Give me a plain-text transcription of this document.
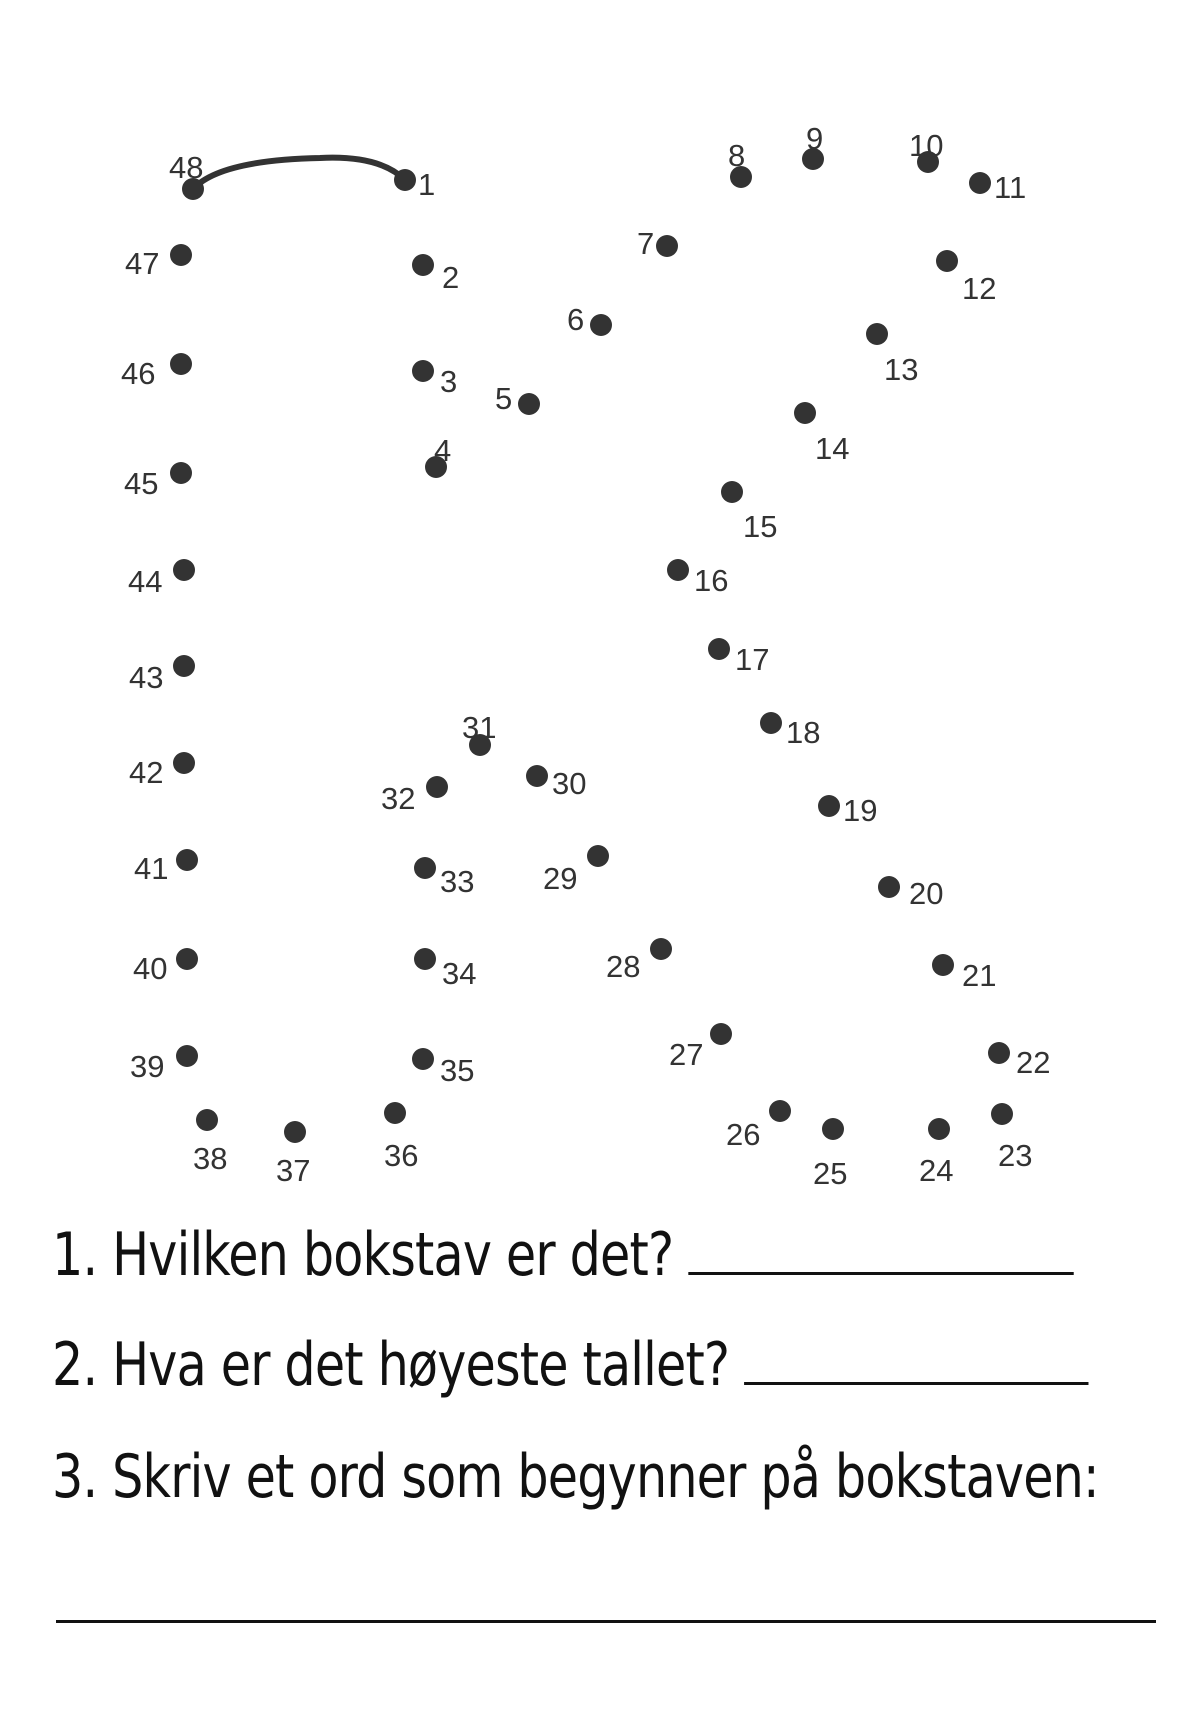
1
2
3
4
5
6
7
8 9	10
11
12
13
14
15
16
17
18
19
20
21
22
23
24
25
26
27
28
29
30
31
32
33
34
35
36
37
38
39
40
41
42
43
44
45
46
47
48
1. Hvilken bokstav er det?
2. Hva er det høyeste tallet?
3. Skriv et ord som begynner på bokstaven:
